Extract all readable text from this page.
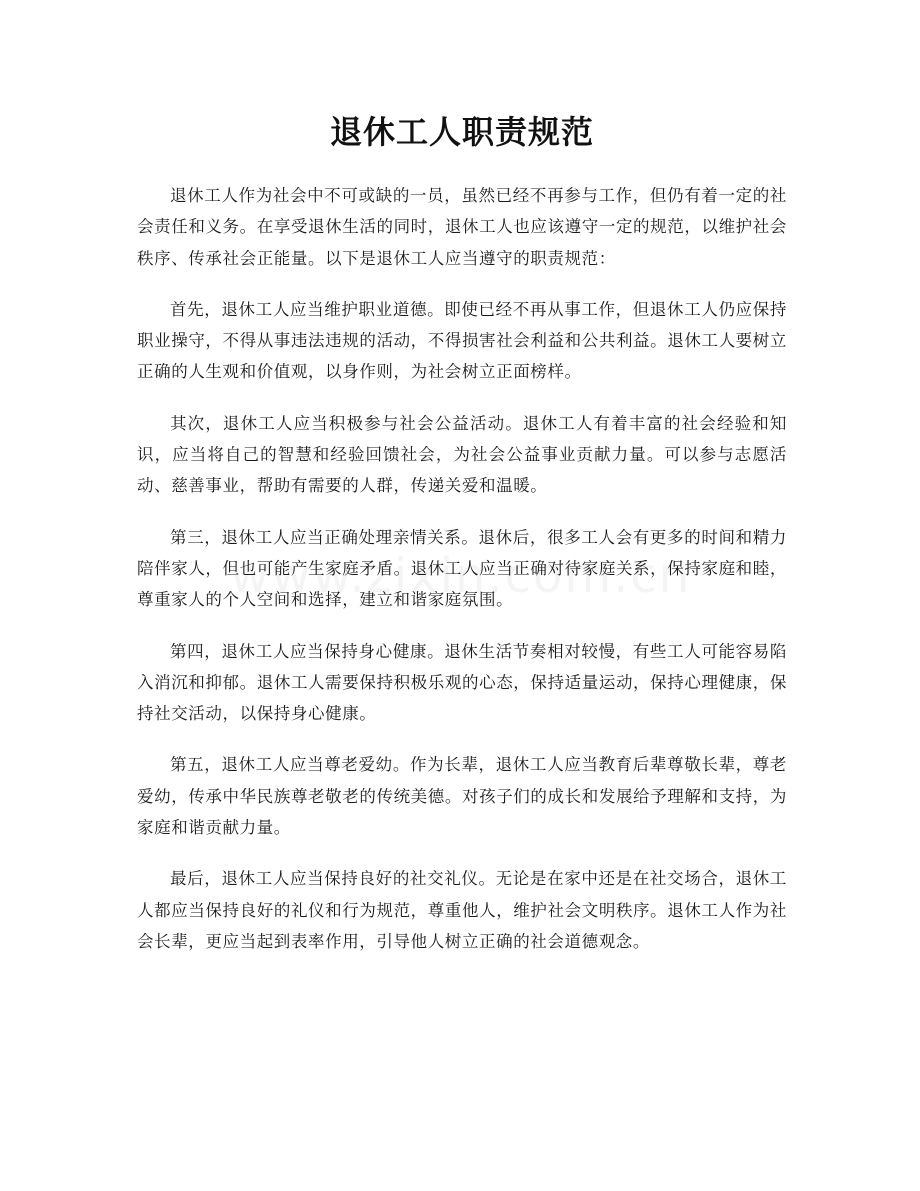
退休工人职责规范

退休工人作为社会中不可或缺的一员，虽然已经不再参与工作，但仍有着一定的社会责任和义务。在享受退休生活的同时，退休工人也应该遵守一定的规范，以维护社会秩序、传承社会正能量。以下是退休工人应当遵守的职责规范：

首先，退休工人应当维护职业道德。即使已经不再从事工作，但退休工人仍应保持职业操守，不得从事违法违规的活动，不得损害社会利益和公共利益。退休工人要树立正确的人生观和价值观，以身作则，为社会树立正面榜样。

其次，退休工人应当积极参与社会公益活动。退休工人有着丰富的社会经验和知识，应当将自己的智慧和经验回馈社会，为社会公益事业贡献力量。可以参与志愿活动、慈善事业，帮助有需要的人群，传递关爱和温暖。

第三，退休工人应当正确处理亲情关系。退休后，很多工人会有更多的时间和精力陪伴家人，但也可能产生家庭矛盾。退休工人应当正确对待家庭关系，保持家庭和睦，尊重家人的个人空间和选择，建立和谐家庭氛围。

第四，退休工人应当保持身心健康。退休生活节奏相对较慢，有些工人可能容易陷入消沉和抑郁。退休工人需要保持积极乐观的心态，保持适量运动，保持心理健康，保持社交活动，以保持身心健康。

第五，退休工人应当尊老爱幼。作为长辈，退休工人应当教育后辈尊敬长辈，尊老爱幼，传承中华民族尊老敬老的传统美德。对孩子们的成长和发展给予理解和支持，为家庭和谐贡献力量。

最后，退休工人应当保持良好的社交礼仪。无论是在家中还是在社交场合，退休工人都应当保持良好的礼仪和行为规范，尊重他人，维护社会文明秩序。退休工人作为社会长辈，更应当起到表率作用，引导他人树立正确的社会道德观念。
